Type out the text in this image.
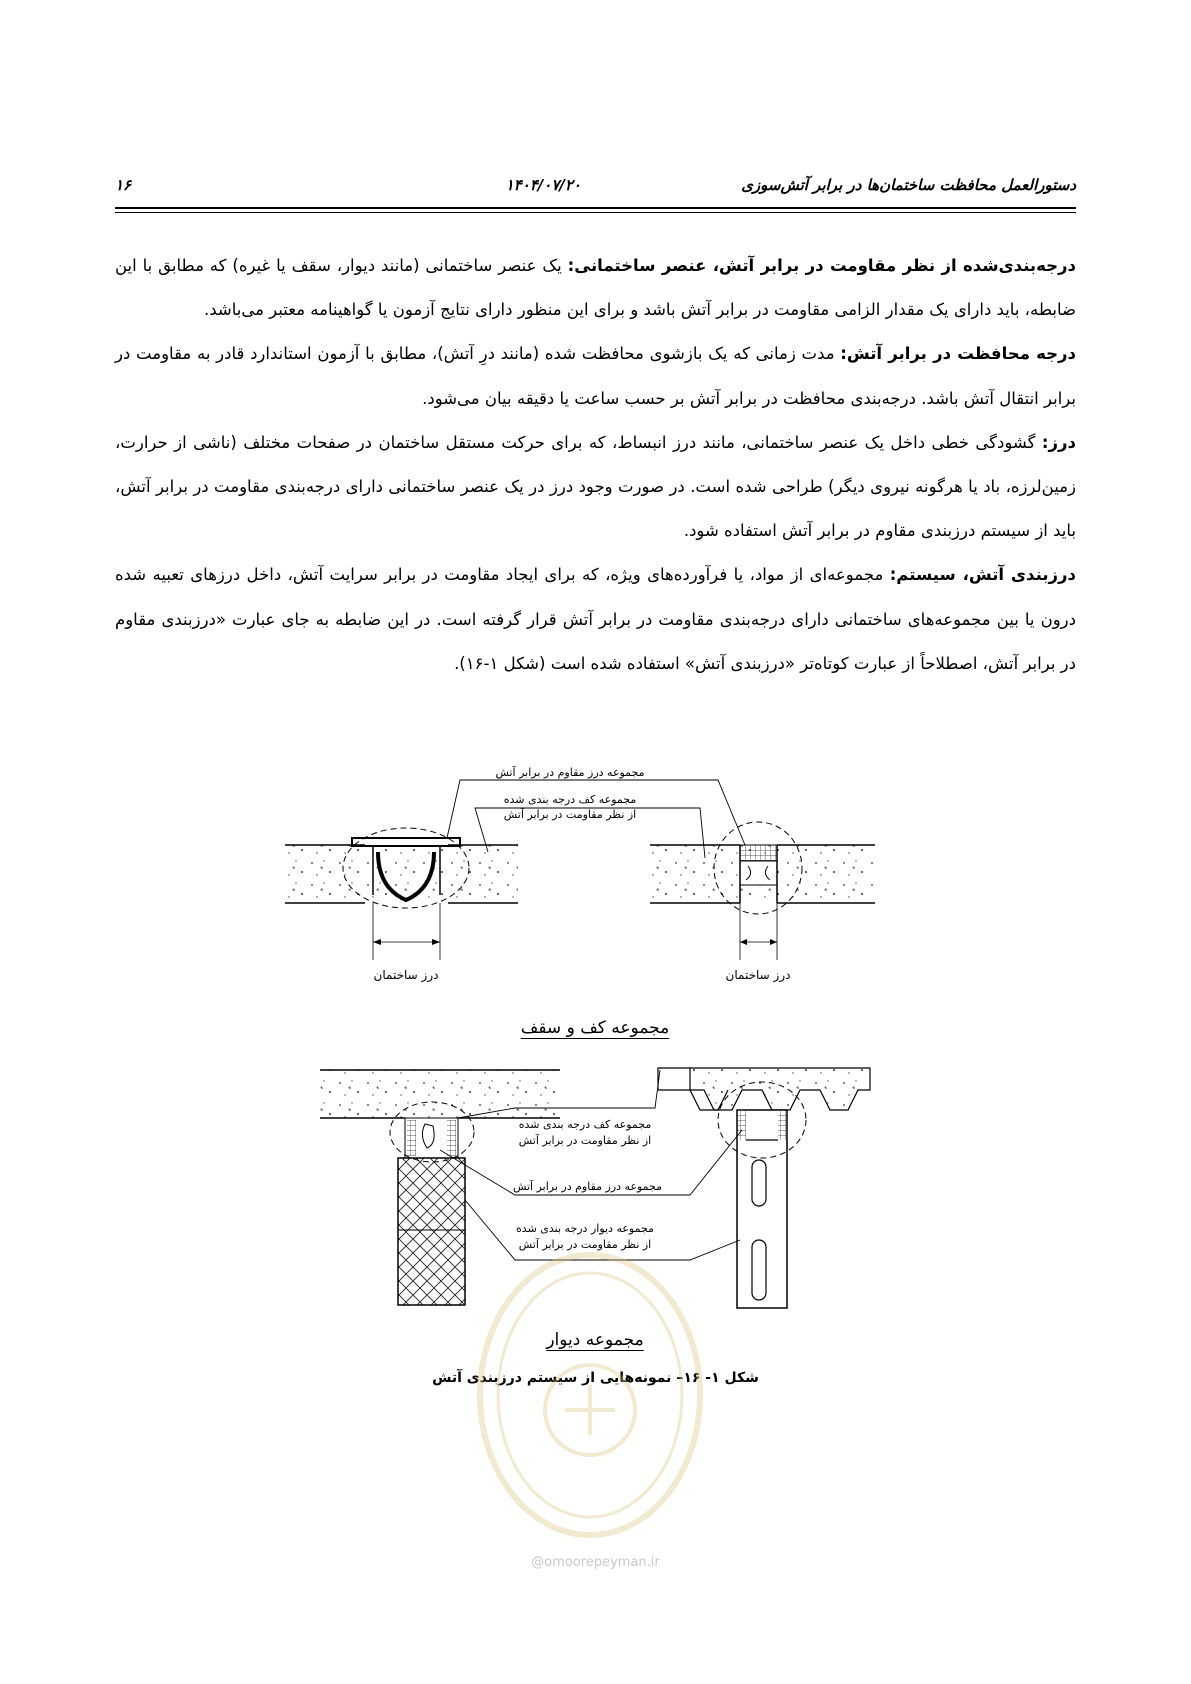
دستورالعمل محافظت ساختمان‌ها در برابر آتش‌سوزی
۱۴۰۴/۰۷/۲۰
۱۶

درجه‌بندی‌شده از نظر مقاومت در برابر آتش، عنصر ساختمانی: یک عنصر ساختمانی (مانند دیوار، سقف یا غیره) که مطابق با این ضابطه، باید دارای یک مقدار الزامی مقاومت در برابر آتش باشد و برای این منظور دارای نتایج آزمون یا گواهینامه معتبر می‌باشد.

درجه محافظت در برابر آتش: مدت زمانی که یک بازشوی محافظت شده (مانند درِ آتش)، مطابق با آزمون استاندارد قادر به مقاومت در برابر انتقال آتش باشد. درجه‌بندی محافظت در برابر آتش بر حسب ساعت یا دقیقه بیان می‌شود.

درز: گشودگی خطی داخل یک عنصر ساختمانی، مانند درز انبساط، که برای حرکت مستقل ساختمان در صفحات مختلف (ناشی از حرارت، زمین‌لرزه، باد یا هرگونه نیروی دیگر) طراحی شده است. در صورت وجود درز در یک عنصر ساختمانی دارای درجه‌بندی مقاومت در برابر آتش، باید از سیستم درزبندی مقاوم در برابر آتش استفاده شود.

درزبندی آتش، سیستم: مجموعه‌ای از مواد، یا فرآورده‌های ویژه، که برای ایجاد مقاومت در برابر سرایت آتش، داخل درزهای تعبیه شده درون یا بین مجموعه‌های ساختمانی دارای درجه‌بندی مقاومت در برابر آتش قرار گرفته است. در این ضابطه به جای عبارت «درزبندی مقاوم در برابر آتش، اصطلاحاً از عبارت کوتاه‌تر «درزبندی آتش» استفاده شده است (شکل ۱-۱۶).

مجموعه درز مقاوم در برابر آتش
مجموعه کف درجه بندی شده
از نظر مقاومت در برابر آتش
درز ساختمان	درز ساختمان
مجموعه کف و سقف
مجموعه کف درجه بندی شده
از نظر مقاومت در برابر آتش
مجموعه درز مقاوم در برابر آتش
مجموعه دیوار درجه بندی شده
از نظر مقاومت در برابر آتش
مجموعه دیوار
شکل ۱- ۱۶– نمونه‌هایی از سیستم درزبندی آتش
@omoorepeyman.ir
